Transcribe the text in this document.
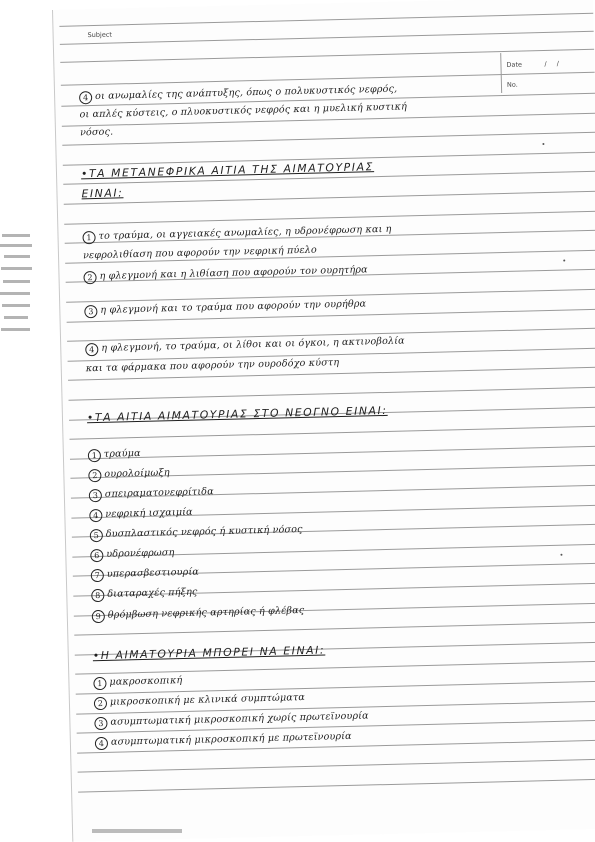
Subject
Date	/ /
No.
4 οι ανωμαλίες της ανάπτυξης, όπως ο πολυκυστικός νεφρός,
οι απλές κύστεις, ο πλυοκυστικός νεφρός και η μυελική κυστική
νόσος.
•ΤΑ ΜΕΤΑΝΕΦΡΙΚΑ ΑΙΤΙΑ ΤΗΣ ΑΙΜΑΤΟΥΡΙΑΣ
ΕΙΝΑΙ:
1 το τραύμα, οι αγγειακές ανωμαλίες, η υδρονέφρωση και η
νεφρολιθίαση που αφορούν την νεφρική πύελο
2 η φλεγμονή και η λιθίαση που αφορούν τον ουρητήρα
3 η φλεγμονή και το τραύμα που αφορούν την ουρήθρα
4 η φλεγμονή, το τραύμα, οι λίθοι και οι όγκοι, η ακτινοβολία
και τα φάρμακα που αφορούν την ουροδόχο κύστη
•ΤΑ ΑΙΤΙΑ ΑΙΜΑΤΟΥΡΙΑΣ ΣΤΟ ΝΕΟΓΝΟ ΕΙΝΑΙ:
1 τραύμα
2 ουρολοίμωξη
3 σπειραματονεφρίτιδα
4 νεφρική ισχαιμία
5 δυσπλαστικός νεφρός ή κυστική νόσος
6 υδρονέφρωση
7 υπερασβεστιουρία
8 διαταραχές πήξης
9 θρόμβωση νεφρικής αρτηρίας ή φλέβας
•Η ΑΙΜΑΤΟΥΡΙΑ ΜΠΟΡΕΙ ΝΑ ΕΙΝΑΙ:
1 μακροσκοπική
2 μικροσκοπική με κλινικά συμπτώματα
3 ασυμπτωματική μικροσκοπική χωρίς πρωτεϊνουρία
4 ασυμπτωματική μικροσκοπική με πρωτεϊνουρία
